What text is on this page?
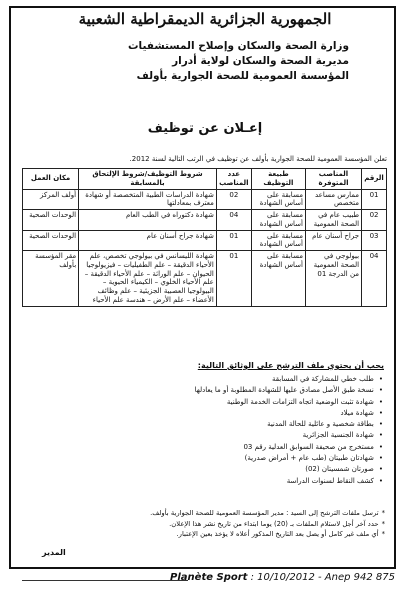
الجمهورية الجزائرية الديمقراطية الشعبية
وزارة الصحة والسكان وإصلاح المستشفيات
مديرية الصحة والسكان لولاية أدرار
المؤسسة العمومية للصحة الجوارية بأولف
إعـلان عن توظيف
تعلن المؤسسة العمومية للصحة الجوارية بأولف عن توظيف في الرتب التالية لسنة 2012.
الرقم	المناصب المتوفرة	طبيعة التوظيف	عدد المناصب	شروط التوظيف/شروط الإلتحاق بالمسابقة	مكان العمل
01	ممارس مساعد متخصص	مسابقة على أساس الشهادة	02	شهادة الدراسات الطبية المتخصصة أو شهادة معترف بمعادلتها	أولف المركز
02	طبيب عام في الصحة العمومية	مسابقة على أساس الشهادة	04	شهادة دكتوراه في الطب العام	الوحدات الصحية
03	جراح أسنان عام	مسابقة على أساس الشهادة	01	شهادة جراح أسنان عام	الوحدات الصحية
04	بيولوجي في الصحة العمومية من الدرجة 01	مسابقة على أساس الشهادة	01	شهادة الليسانس في بيولوجي تخصص، علم الأحياء الدقيقة – علم الطفيليات – فيزيولوجيا الحيوان – علم الوراثة – علم الأحياء الدقيقة – علم الأحياء الخلوي – الكيمياء الحيوية – البيولوجيا العصبية الجزيئية – علم وظائف الأعضاء – علم الأرض – هندسة علم الأحياء	مقر المؤسسة بأولف
يجب أن يحتوي ملف الترشح على الوثائق التالية:
• طلب خطي للمشاركة في المسابقة
• نسخة طبق الأصل مصادق عليها للشهادة المطلوبة أو ما يعادلها
• شهادة تثبت الوضعية اتجاه التزامات الخدمة الوطنية
• شهادة ميلاد
• بطاقة شخصية و عائلية للحالة المدنية
• شهادة الجنسية الجزائرية
• مستخرج من صحيفة السوابق العدلية رقم 03
• شهادتان طبيتان (طب عام + أمراض صدرية)
• صورتان شمسيتان (02)
• كشف النقاط لسنوات الدراسة
* ترسل ملفات الترشح إلى السيد : مدير المؤسسة العمومية للصحة الجوارية بأولف.
* حدد آخر أجل لاستلام الملفات بـ (20) يوما ابتداء من تاريخ نشر هذا الإعلان.
* أي ملف غير كامل أو يصل بعد التاريخ المذكور أعلاه لا يؤخذ بعين الإعتبار.
المدير
Planète Sport : 10/10/2012 - Anep 942 875
